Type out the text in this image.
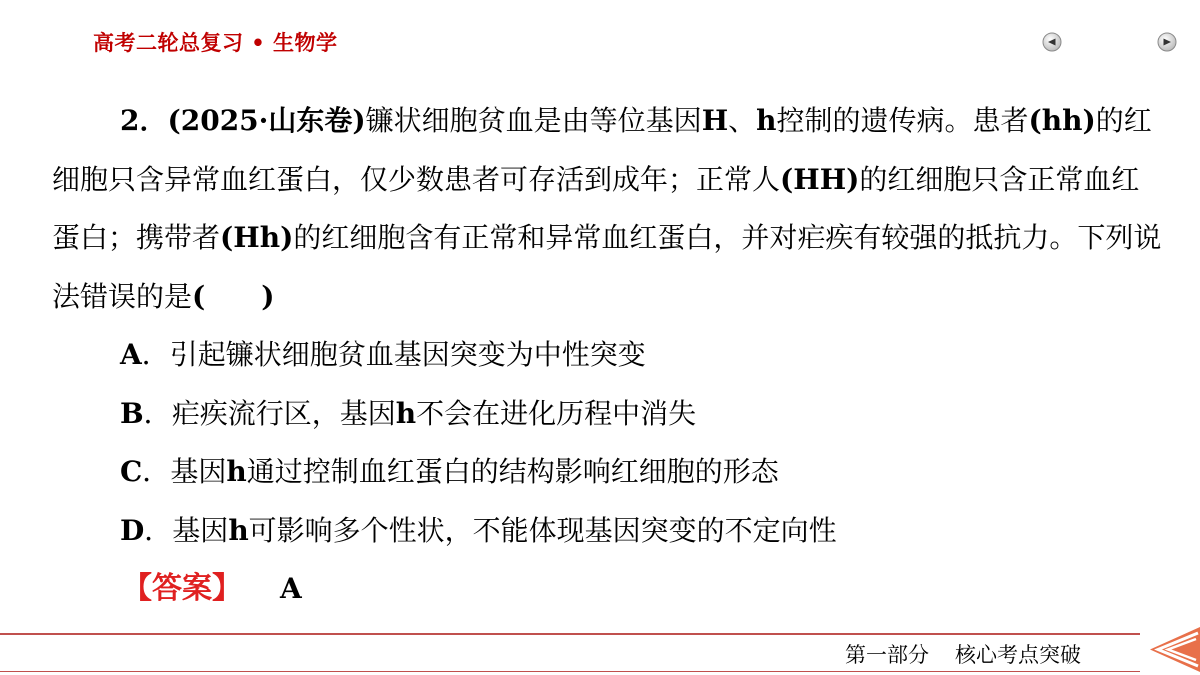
高考二轮总复习 • 生物学

2．(2025·山东卷)镰状细胞贫血是由等位基因H、h控制的遗传病。患者(hh)的红细胞只含异常血红蛋白，仅少数患者可存活到成年；正常人(HH)的红细胞只含正常血红蛋白；携带者(Hh)的红细胞含有正常和异常血红蛋白，并对疟疾有较强的抵抗力。下列说法错误的是(　　)

A．引起镰状细胞贫血基因突变为中性突变

B．疟疾流行区，基因h不会在进化历程中消失

C．基因h通过控制血红蛋白的结构影响红细胞的形态

D．基因h可影响多个性状，不能体现基因突变的不定向性

【答案】 A

第一部分 核心考点突破
